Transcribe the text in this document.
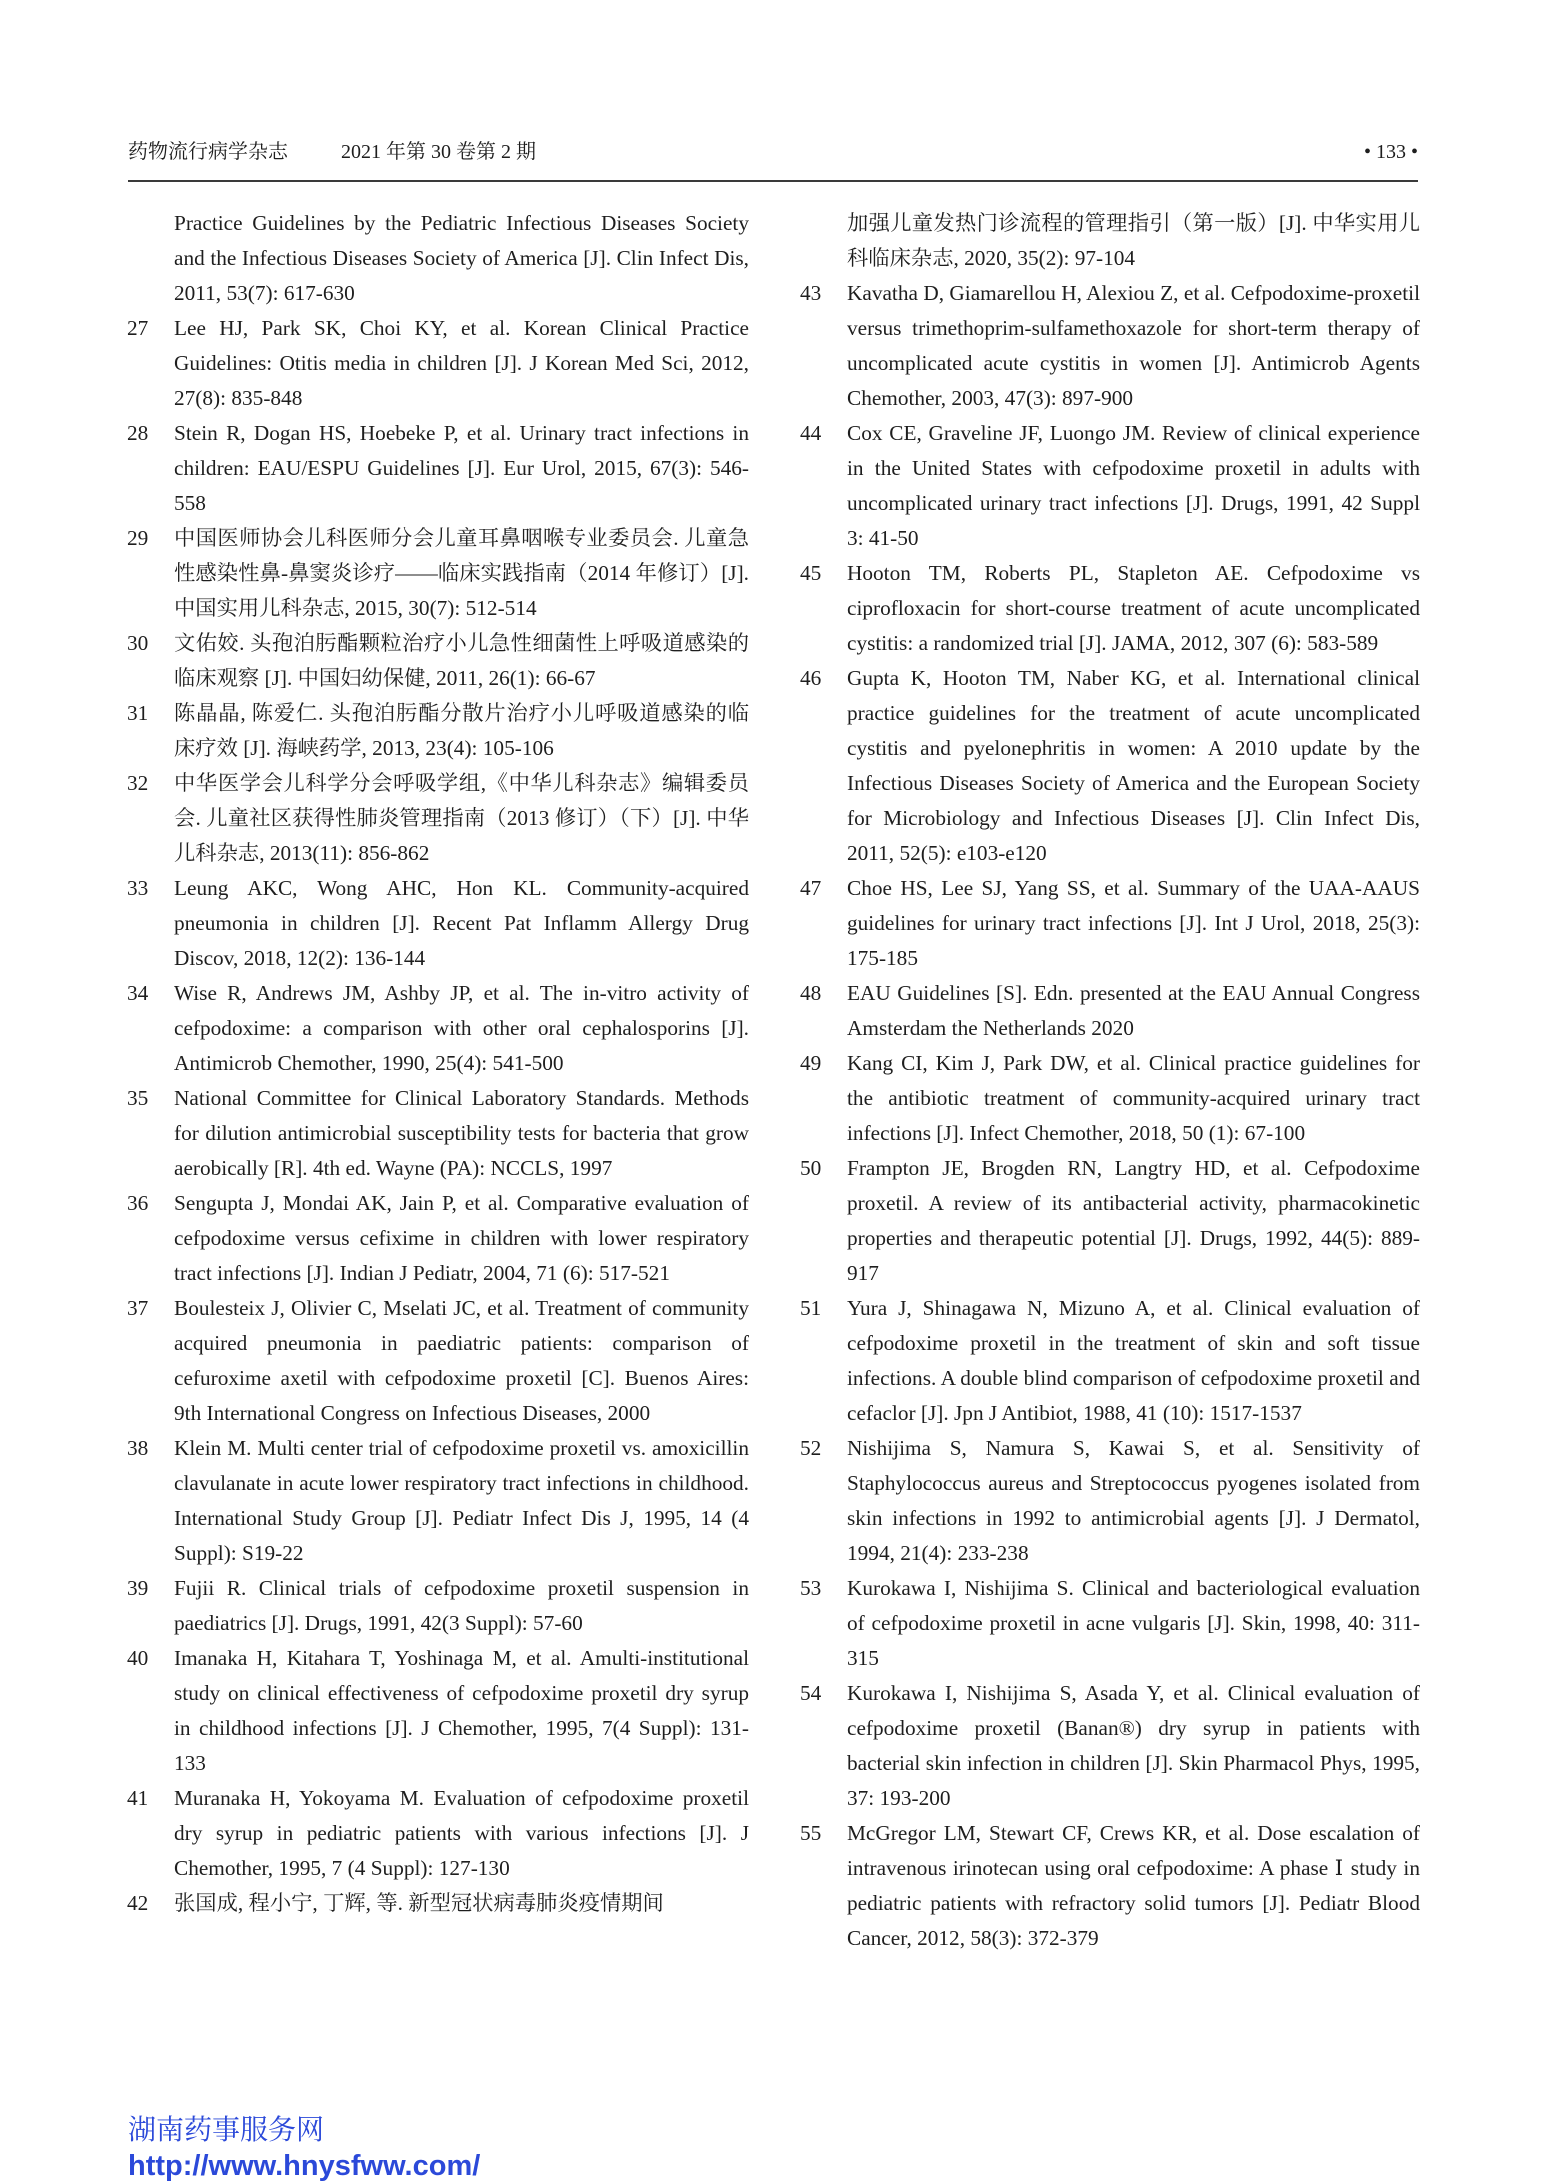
药物流行病学杂志	2021 年第 30 卷第 2 期	• 133 •
Practice Guidelines by the Pediatric Infectious Diseases Society and the Infectious Diseases Society of America [J]. Clin Infect Dis, 2011, 53(7): 617-630
27 Lee HJ, Park SK, Choi KY, et al. Korean Clinical Practice Guidelines: Otitis media in children [J]. J Korean Med Sci, 2012, 27(8): 835-848
28 Stein R, Dogan HS, Hoebeke P, et al. Urinary tract infections in children: EAU/ESPU Guidelines [J]. Eur Urol, 2015, 67(3): 546-558
29 中国医师协会儿科医师分会儿童耳鼻咽喉专业委员会. 儿童急性感染性鼻-鼻窦炎诊疗——临床实践指南（2014 年修订）[J]. 中国实用儿科杂志, 2015, 30(7): 512-514
30 文佑姣. 头孢泊肟酯颗粒治疗小儿急性细菌性上呼吸道感染的临床观察 [J]. 中国妇幼保健, 2011, 26(1): 66-67
31 陈晶晶, 陈爱仁. 头孢泊肟酯分散片治疗小儿呼吸道感染的临床疗效 [J]. 海峡药学, 2013, 23(4): 105-106
32 中华医学会儿科学分会呼吸学组,《中华儿科杂志》编辑委员会. 儿童社区获得性肺炎管理指南（2013 修订）（下）[J]. 中华儿科杂志, 2013(11): 856-862
33 Leung AKC, Wong AHC, Hon KL. Community-acquired pneumonia in children [J]. Recent Pat Inflamm Allergy Drug Discov, 2018, 12(2): 136-144
34 Wise R, Andrews JM, Ashby JP, et al. The in-vitro activity of cefpodoxime: a comparison with other oral cephalosporins [J]. Antimicrob Chemother, 1990, 25(4): 541-500
35 National Committee for Clinical Laboratory Standards. Methods for dilution antimicrobial susceptibility tests for bacteria that grow aerobically [R]. 4th ed. Wayne (PA): NCCLS, 1997
36 Sengupta J, Mondai AK, Jain P, et al. Comparative evaluation of cefpodoxime versus cefixime in children with lower respiratory tract infections [J]. Indian J Pediatr, 2004, 71 (6): 517-521
37 Boulesteix J, Olivier C, Mselati JC, et al. Treatment of community acquired pneumonia in paediatric patients: comparison of cefuroxime axetil with cefpodoxime proxetil [C]. Buenos Aires: 9th International Congress on Infectious Diseases, 2000
38 Klein M. Multi center trial of cefpodoxime proxetil vs. amoxicillin clavulanate in acute lower respiratory tract infections in childhood. International Study Group [J]. Pediatr Infect Dis J, 1995, 14 (4 Suppl): S19-22
39 Fujii R. Clinical trials of cefpodoxime proxetil suspension in paediatrics [J]. Drugs, 1991, 42(3 Suppl): 57-60
40 Imanaka H, Kitahara T, Yoshinaga M, et al. Amulti-institutional study on clinical effectiveness of cefpodoxime proxetil dry syrup in childhood infections [J]. J Chemother, 1995, 7(4 Suppl): 131-133
41 Muranaka H, Yokoyama M. Evaluation of cefpodoxime proxetil dry syrup in pediatric patients with various infections [J]. J Chemother, 1995, 7 (4 Suppl): 127-130
42 张国成, 程小宁, 丁辉, 等. 新型冠状病毒肺炎疫情期间
加强儿童发热门诊流程的管理指引（第一版）[J]. 中华实用儿科临床杂志, 2020, 35(2): 97-104
43 Kavatha D, Giamarellou H, Alexiou Z, et al. Cefpodoxime-proxetil versus trimethoprim-sulfamethoxazole for short-term therapy of uncomplicated acute cystitis in women [J]. Antimicrob Agents Chemother, 2003, 47(3): 897-900
44 Cox CE, Graveline JF, Luongo JM. Review of clinical experience in the United States with cefpodoxime proxetil in adults with uncomplicated urinary tract infections [J]. Drugs, 1991, 42 Suppl 3: 41-50
45 Hooton TM, Roberts PL, Stapleton AE. Cefpodoxime vs ciprofloxacin for short-course treatment of acute uncomplicated cystitis: a randomized trial [J]. JAMA, 2012, 307 (6): 583-589
46 Gupta K, Hooton TM, Naber KG, et al. International clinical practice guidelines for the treatment of acute uncomplicated cystitis and pyelonephritis in women: A 2010 update by the Infectious Diseases Society of America and the European Society for Microbiology and Infectious Diseases [J]. Clin Infect Dis, 2011, 52(5): e103-e120
47 Choe HS, Lee SJ, Yang SS, et al. Summary of the UAA-AAUS guidelines for urinary tract infections [J]. Int J Urol, 2018, 25(3): 175-185
48 EAU Guidelines [S]. Edn. presented at the EAU Annual Congress Amsterdam the Netherlands 2020
49 Kang CI, Kim J, Park DW, et al. Clinical practice guidelines for the antibiotic treatment of community-acquired urinary tract infections [J]. Infect Chemother, 2018, 50 (1): 67-100
50 Frampton JE, Brogden RN, Langtry HD, et al. Cefpodoxime proxetil. A review of its antibacterial activity, pharmacokinetic properties and therapeutic potential [J]. Drugs, 1992, 44(5): 889-917
51 Yura J, Shinagawa N, Mizuno A, et al. Clinical evaluation of cefpodoxime proxetil in the treatment of skin and soft tissue infections. A double blind comparison of cefpodoxime proxetil and cefaclor [J]. Jpn J Antibiot, 1988, 41 (10): 1517-1537
52 Nishijima S, Namura S, Kawai S, et al. Sensitivity of Staphylococcus aureus and Streptococcus pyogenes isolated from skin infections in 1992 to antimicrobial agents [J]. J Dermatol, 1994, 21(4): 233-238
53 Kurokawa I, Nishijima S. Clinical and bacteriological evaluation of cefpodoxime proxetil in acne vulgaris [J]. Skin, 1998, 40: 311-315
54 Kurokawa I, Nishijima S, Asada Y, et al. Clinical evaluation of cefpodoxime proxetil (Banan®) dry syrup in patients with bacterial skin infection in children [J]. Skin Pharmacol Phys, 1995, 37: 193-200
55 McGregor LM, Stewart CF, Crews KR, et al. Dose escalation of intravenous irinotecan using oral cefpodoxime: A phase Ⅰ study in pediatric patients with refractory solid tumors [J]. Pediatr Blood Cancer, 2012, 58(3): 372-379
湖南药事服务网
http://www.hnysfww.com/
